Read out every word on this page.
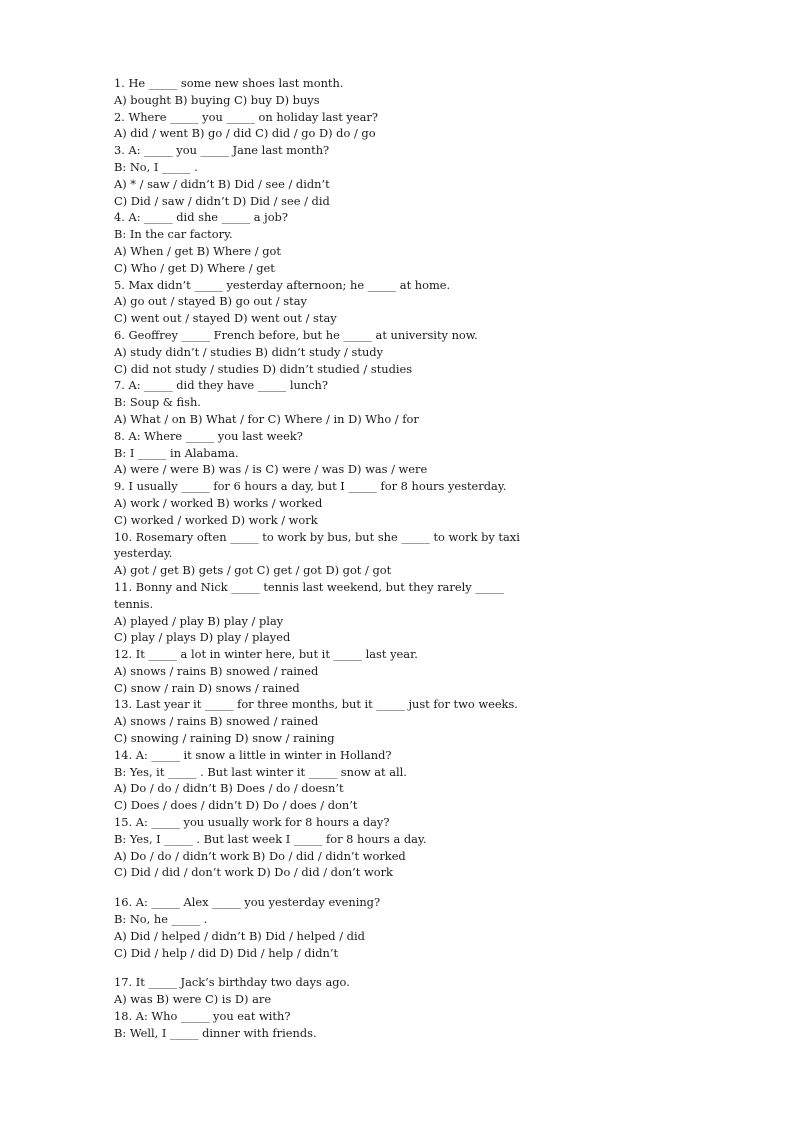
1. He _____ some new shoes last month.
A) bought B) buying C) buy D) buys
2. Where _____ you _____ on holiday last year?
A) did / went B) go / did C) did / go D) do / go
3. A: _____ you _____ Jane last month?
B: No, I _____ .
A) * / saw / didn’t B) Did / see / didn’t
C) Did / saw / didn’t D) Did / see / did
4. A: _____ did she _____ a job?
B: In the car factory.
A) When / get B) Where / got
C) Who / get D) Where / get
5. Max didn’t _____ yesterday afternoon; he _____ at home.
A) go out / stayed B) go out / stay
C) went out / stayed D) went out / stay
6. Geoffrey _____ French before, but he _____ at university now.
A) study didn’t / studies B) didn’t study / study
C) did not study / studies D) didn’t studied / studies
7. A: _____ did they have _____ lunch?
B: Soup & fish.
A) What / on B) What / for C) Where / in D) Who / for
8. A: Where _____ you last week?
B: I _____ in Alabama.
A) were / were B) was / is C) were / was D) was / were
9. I usually _____ for 6 hours a day, but I _____ for 8 hours yesterday.
A) work / worked B) works / worked
C) worked / worked D) work / work
10. Rosemary often _____ to work by bus, but she _____ to work by taxi
yesterday.
A) got / get B) gets / got C) get / got D) got / got
11. Bonny and Nick _____ tennis last weekend, but they rarely _____
tennis.
A) played / play B) play / play
C) play / plays D) play / played
12. It _____ a lot in winter here, but it _____ last year.
A) snows / rains B) snowed / rained
C) snow / rain D) snows / rained
13. Last year it _____ for three months, but it _____ just for two weeks.
A) snows / rains B) snowed / rained
C) snowing / raining D) snow / raining
14. A: _____ it snow a little in winter in Holland?
B: Yes, it _____ . But last winter it _____ snow at all.
A) Do / do / didn’t B) Does / do / doesn’t
C) Does / does / didn’t D) Do / does / don’t
15. A: _____ you usually work for 8 hours a day?
B: Yes, I _____ . But last week I _____ for 8 hours a day.
A) Do / do / didn’t work B) Do / did / didn’t worked
C) Did / did / don’t work D) Do / did / don’t work
16. A: _____ Alex _____ you yesterday evening?
B: No, he _____ .
A) Did / helped / didn’t B) Did / helped / did
C) Did / help / did D) Did / help / didn’t
17. It _____ Jack’s birthday two days ago.
A) was B) were C) is D) are
18. A: Who _____ you eat with?
B: Well, I _____ dinner with friends.
